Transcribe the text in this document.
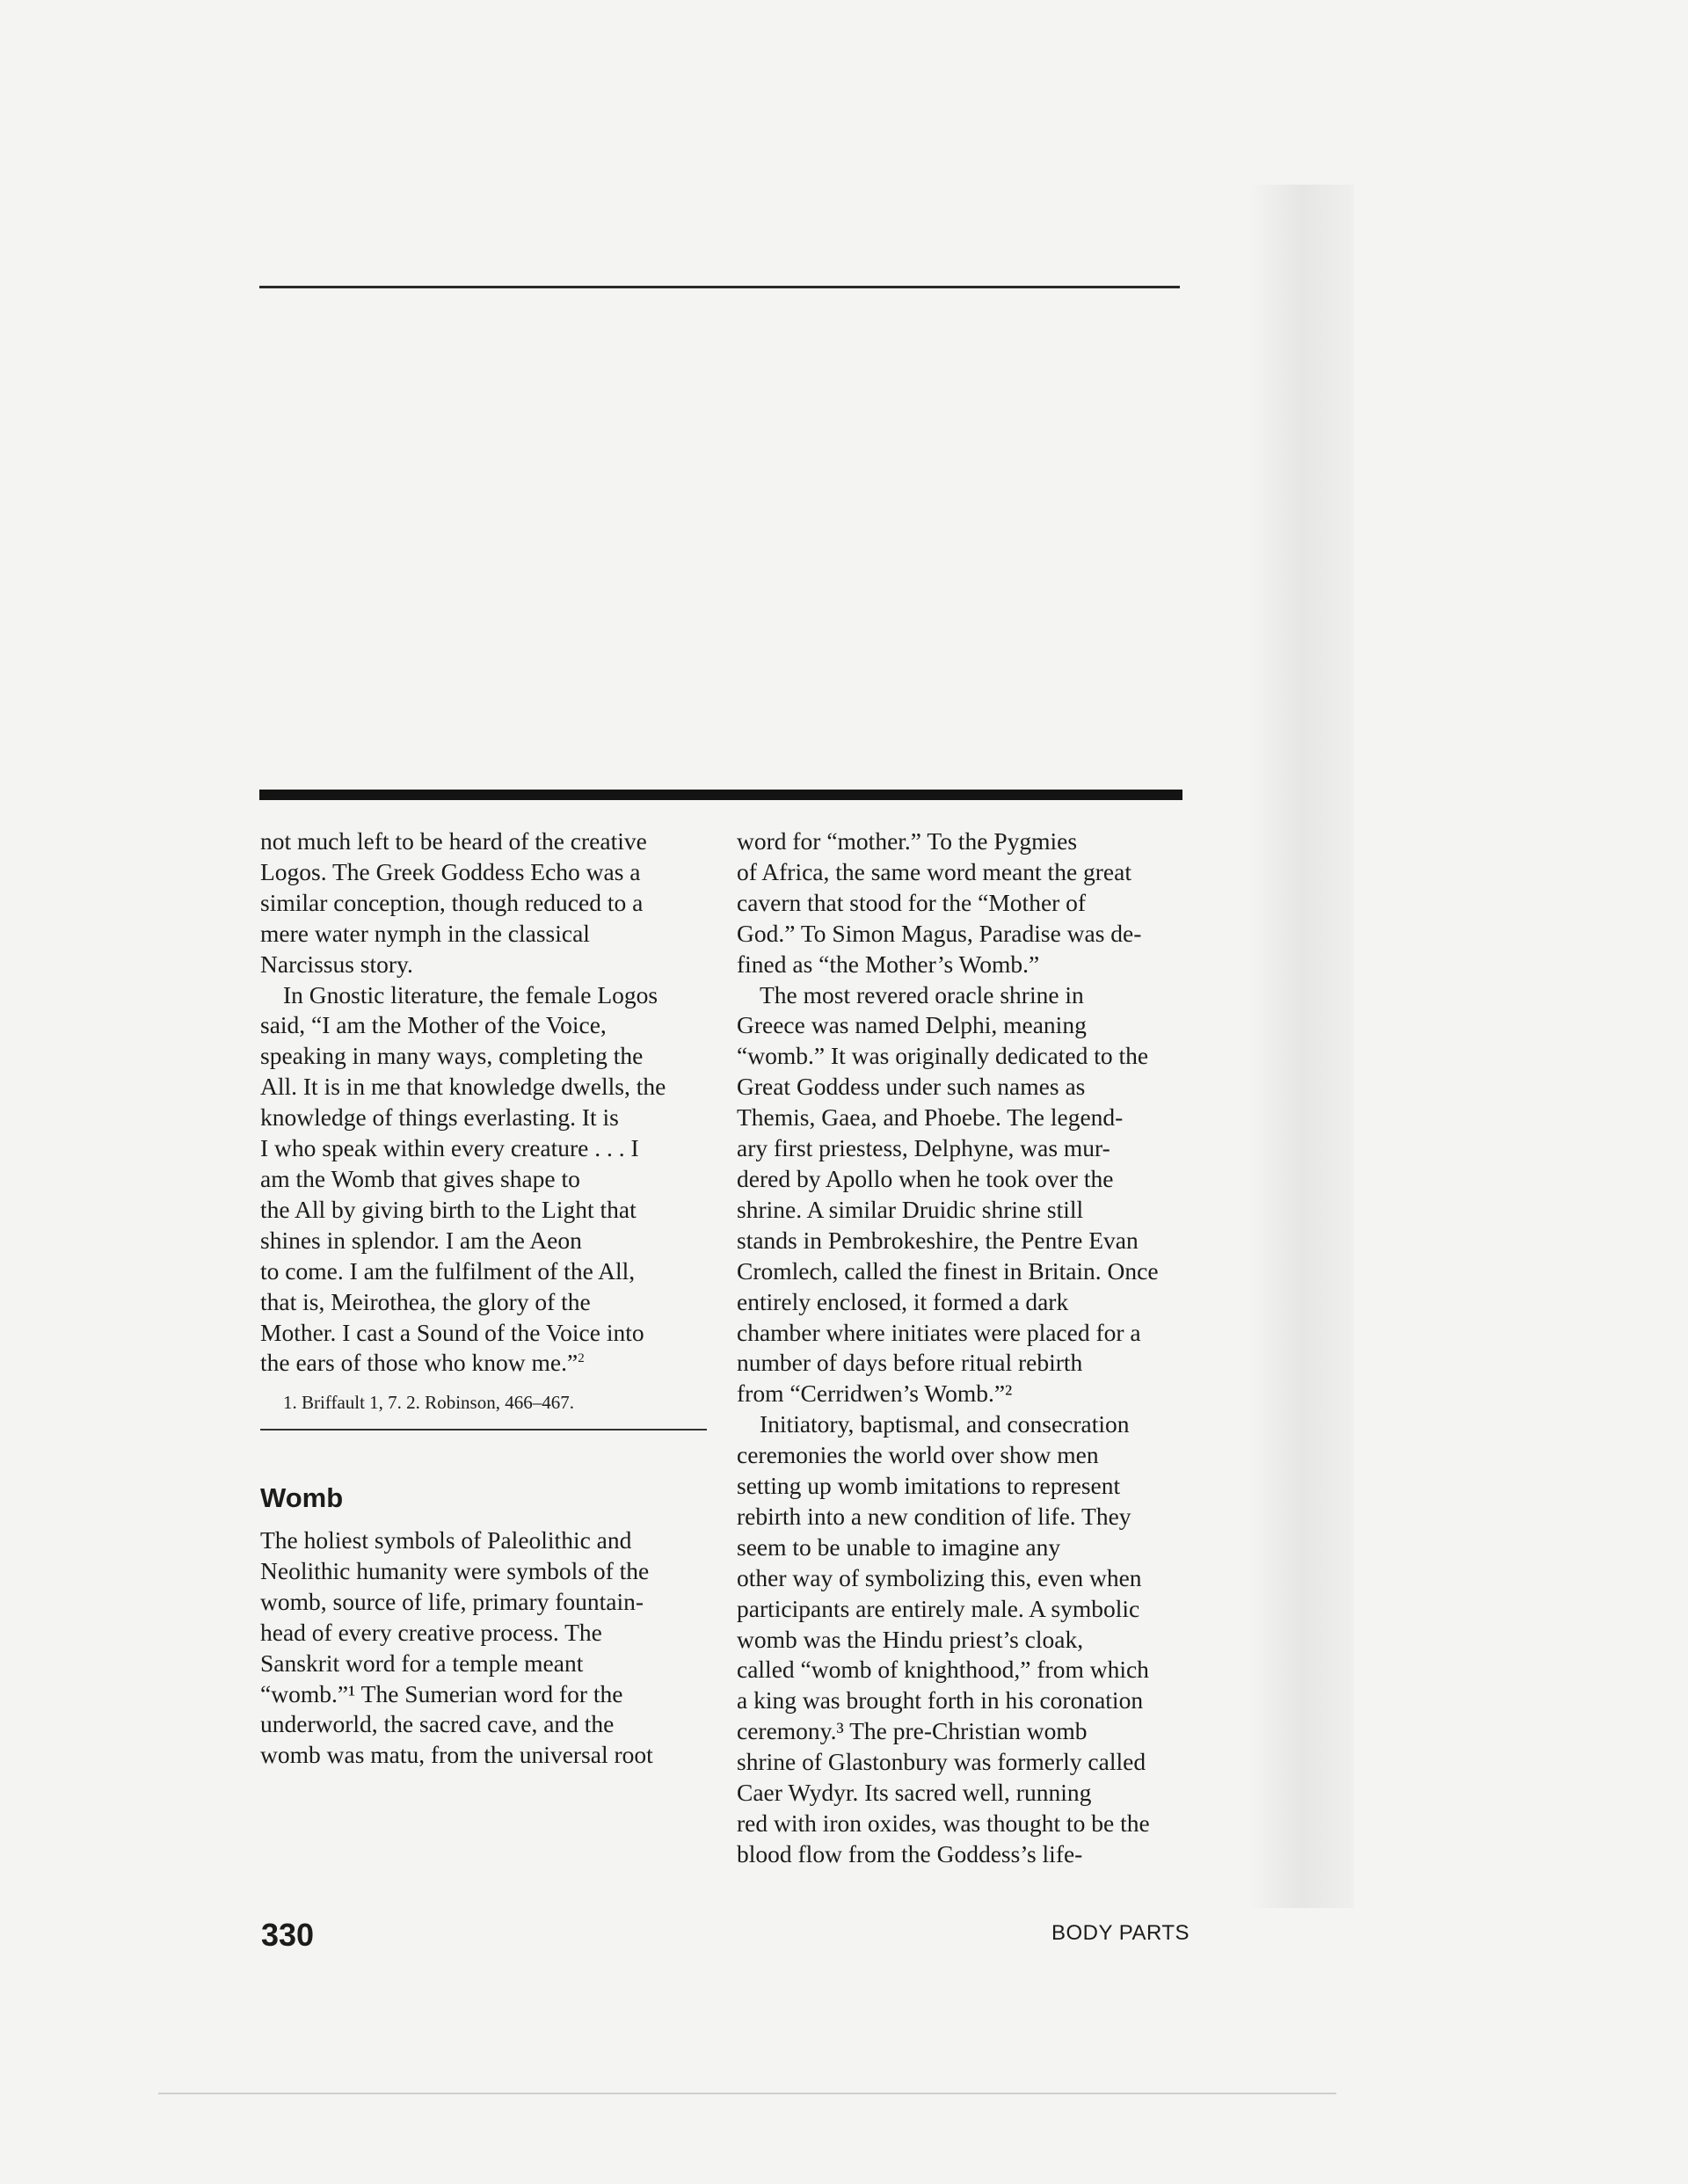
not much left to be heard of the creative
Logos. The Greek Goddess Echo was a
similar conception, though reduced to a
mere water nymph in the classical
Narcissus story.
In Gnostic literature, the female Logos
said, “I am the Mother of the Voice,
speaking in many ways, completing the
All. It is in me that knowledge dwells, the
knowledge of things everlasting. It is
I who speak within every creature . . . I
am the Womb that gives shape to
the All by giving birth to the Light that
shines in splendor. I am the Aeon
to come. I am the fulfilment of the All,
that is, Meirothea, the glory of the
Mother. I cast a Sound of the Voice into
the ears of those who know me.”$^2$
1. Briffault 1, 7. 2. Robinson, 466–467.
Womb
The holiest symbols of Paleolithic and
Neolithic humanity were symbols of the
womb, source of life, primary fountain-
head of every creative process. The
Sanskrit word for a temple meant
“womb.”¹ The Sumerian word for the
underworld, the sacred cave, and the
womb was matu, from the universal root
word for “mother.” To the Pygmies
of Africa, the same word meant the great
cavern that stood for the “Mother of
God.” To Simon Magus, Paradise was de-
fined as “the Mother’s Womb.”
The most revered oracle shrine in
Greece was named Delphi, meaning
“womb.” It was originally dedicated to the
Great Goddess under such names as
Themis, Gaea, and Phoebe. The legend-
ary first priestess, Delphyne, was mur-
dered by Apollo when he took over the
shrine. A similar Druidic shrine still
stands in Pembrokeshire, the Pentre Evan
Cromlech, called the finest in Britain. Once
entirely enclosed, it formed a dark
chamber where initiates were placed for a
number of days before ritual rebirth
from “Cerridwen’s Womb.”²
Initiatory, baptismal, and consecration
ceremonies the world over show men
setting up womb imitations to represent
rebirth into a new condition of life. They
seem to be unable to imagine any
other way of symbolizing this, even when
participants are entirely male. A symbolic
womb was the Hindu priest’s cloak,
called “womb of knighthood,” from which
a king was brought forth in his coronation
ceremony.³ The pre-Christian womb
shrine of Glastonbury was formerly called
Caer Wydyr. Its sacred well, running
red with iron oxides, was thought to be the
blood flow from the Goddess’s life-
330	BODY PARTS
